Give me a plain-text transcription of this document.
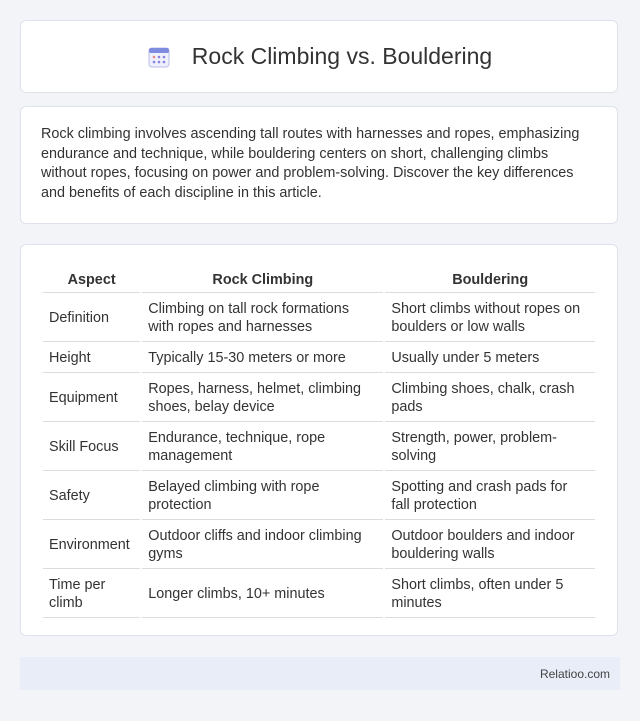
Rock Climbing vs. Bouldering

Rock climbing involves ascending tall routes with harnesses and ropes, emphasizing endurance and technique, while bouldering centers on short, challenging climbs without ropes, focusing on power and problem-solving. Discover the key differences and benefits of each discipline in this article.

Aspect	Rock Climbing	Bouldering
Definition	Climbing on tall rock formations with ropes and harnesses	Short climbs without ropes on boulders or low walls
Height	Typically 15-30 meters or more	Usually under 5 meters
Equipment	Ropes, harness, helmet, climbing shoes, belay device	Climbing shoes, chalk, crash pads
Skill Focus	Endurance, technique, rope management	Strength, power, problem-solving
Safety	Belayed climbing with rope protection	Spotting and crash pads for fall protection
Environment	Outdoor cliffs and indoor climbing gyms	Outdoor boulders and indoor bouldering walls
Time per climb	Longer climbs, 10+ minutes	Short climbs, often under 5 minutes
Relatioo.com
